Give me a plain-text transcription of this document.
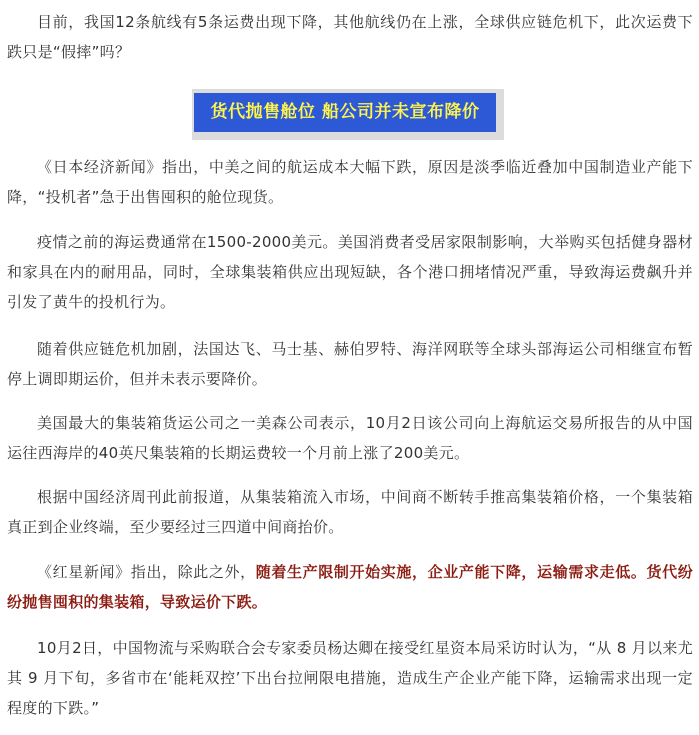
目前，我国12条航线有5条运费出现下降，其他航线仍在上涨，全球供应链危机下，此次运费下跌只是“假摔”吗？

货代抛售舱位 船公司并未宣布降价

《日本经济新闻》指出，中美之间的航运成本大幅下跌，原因是淡季临近叠加中国制造业产能下降，“投机者”急于出售囤积的舱位现货。

疫情之前的海运费通常在1500-2000美元。美国消费者受居家限制影响，大举购买包括健身器材和家具在内的耐用品，同时，全球集装箱供应出现短缺，各个港口拥堵情况严重，导致海运费飙升并引发了黄牛的投机行为。

随着供应链危机加剧，法国达飞、马士基、赫伯罗特、海洋网联等全球头部海运公司相继宣布暂停上调即期运价，但并未表示要降价。

美国最大的集装箱货运公司之一美森公司表示，10月2日该公司向上海航运交易所报告的从中国运往西海岸的40英尺集装箱的长期运费较一个月前上涨了200美元。

根据中国经济周刊此前报道，从集装箱流入市场，中间商不断转手推高集装箱价格，一个集装箱真正到企业终端，至少要经过三四道中间商抬价。

《红星新闻》指出，除此之外，随着生产限制开始实施，企业产能下降，运输需求走低。货代纷纷抛售囤积的集装箱，导致运价下跌。

10月2日，中国物流与采购联合会专家委员杨达卿在接受红星资本局采访时认为，“从 8 月以来尤其 9 月下旬，多省市在‘能耗双控’下出台拉闸限电措施，造成生产企业产能下降，运输需求出现一定程度的下跌。”
